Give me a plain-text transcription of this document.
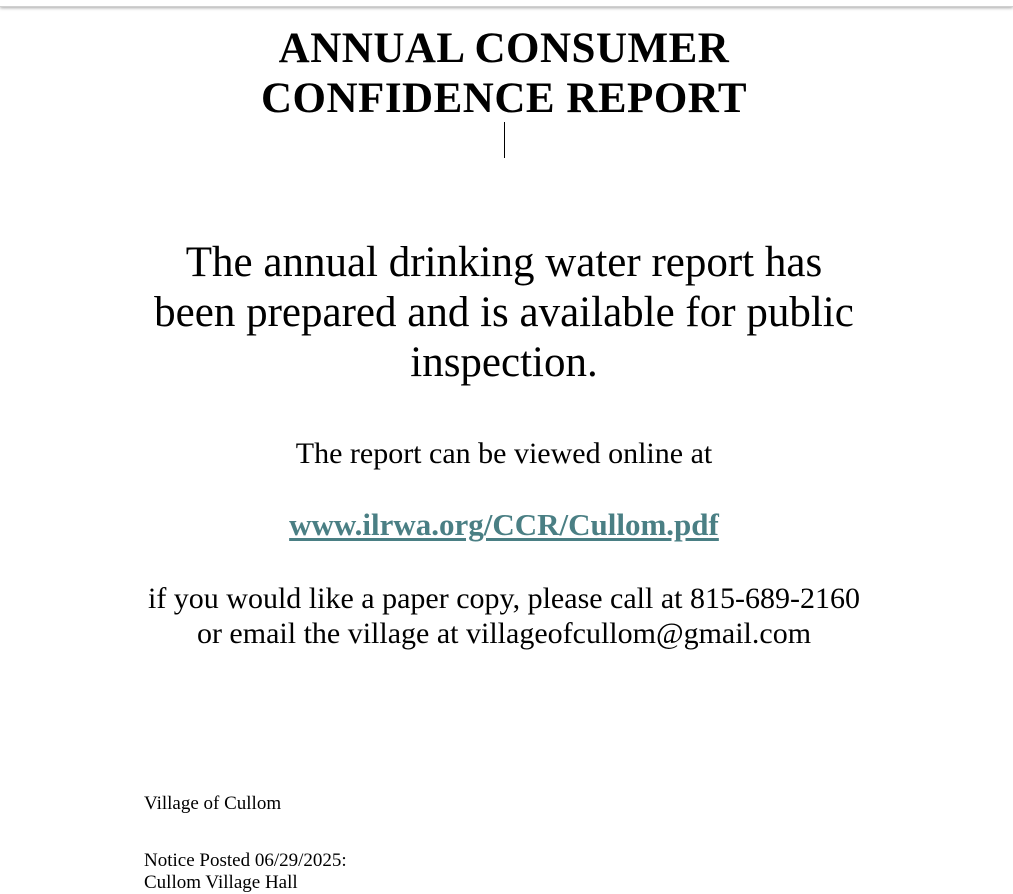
ANNUAL CONSUMER
CONFIDENCE REPORT
The annual drinking water report has
been prepared and is available for public
inspection.
The report can be viewed online at
www.ilrwa.org/CCR/Cullom.pdf
if you would like a paper copy, please call at 815-689-2160
or email the village at villageofcullom@gmail.com
Village of Cullom
Notice Posted 06/29/2025:
Cullom Village Hall
